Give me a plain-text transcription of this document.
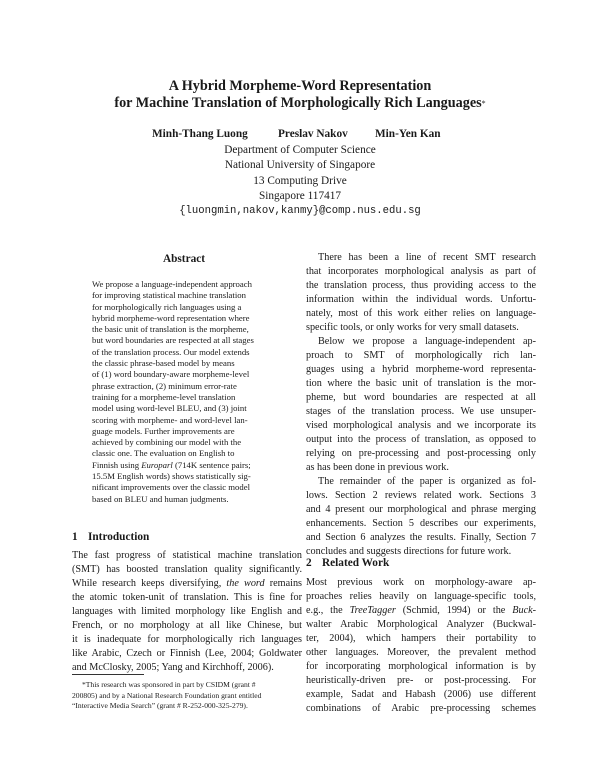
A Hybrid Morpheme-Word Representation
for Machine Translation of Morphologically Rich Languages*
Minh-Thang Luong	Preslav Nakov Min-Yen Kan
Department of Computer Science
National University of Singapore
13 Computing Drive
Singapore 117417
{luongmin,nakov,kanmy}@comp.nus.edu.sg
Abstract
We propose a language-independent approach
for improving statistical machine translation
for morphologically rich languages using a
hybrid morpheme-word representation where
the basic unit of translation is the morpheme,
but word boundaries are respected at all stages
of the translation process. Our model extends
the classic phrase-based model by means
of (1) word boundary-aware morpheme-level
phrase extraction, (2) minimum error-rate
training for a morpheme-level translation
model using word-level BLEU, and (3) joint
scoring with morpheme- and word-level lan-
guage models. Further improvements are
achieved by combining our model with the
classic one. The evaluation on English to
Finnish using Europarl (714K sentence pairs;
15.5M English words) shows statistically sig-
nificant improvements over the classic model
based on BLEU and human judgments.
1 Introduction
The fast progress of statistical machine translation
(SMT) has boosted translation quality significantly.
While research keeps diversifying, the word remains
the atomic token-unit of translation. This is fine for
languages with limited morphology like English and
French, or no morphology at all like Chinese, but
it is inadequate for morphologically rich languages
like Arabic, Czech or Finnish (Lee, 2004; Goldwater
and McClosky, 2005; Yang and Kirchhoff, 2006).
*This research was sponsored in part by CSIDM (grant #
200805) and by a National Research Foundation grant entitled
“Interactive Media Search” (grant # R-252-000-325-279).
There has been a line of recent SMT research
that incorporates morphological analysis as part of
the translation process, thus providing access to the
information within the individual words. Unfortu-
nately, most of this work either relies on language-
specific tools, or only works for very small datasets.
Below we propose a language-independent ap-
proach to SMT of morphologically rich lan-
guages using a hybrid morpheme-word representa-
tion where the basic unit of translation is the mor-
pheme, but word boundaries are respected at all
stages of the translation process. We use unsuper-
vised morphological analysis and we incorporate its
output into the process of translation, as opposed to
relying on pre-processing and post-processing only
as has been done in previous work.
The remainder of the paper is organized as fol-
lows. Section 2 reviews related work. Sections 3
and 4 present our morphological and phrase merging
enhancements. Section 5 describes our experiments,
and Section 6 analyzes the results. Finally, Section 7
concludes and suggests directions for future work.
2 Related Work
Most previous work on morphology-aware ap-
proaches relies heavily on language-specific tools,
e.g., the TreeTagger (Schmid, 1994) or the Buck-
walter Arabic Morphological Analyzer (Buckwal-
ter, 2004), which hampers their portability to
other languages. Moreover, the prevalent method
for incorporating morphological information is by
heuristically-driven pre- or post-processing. For
example, Sadat and Habash (2006) use different
combinations of Arabic pre-processing schemes
